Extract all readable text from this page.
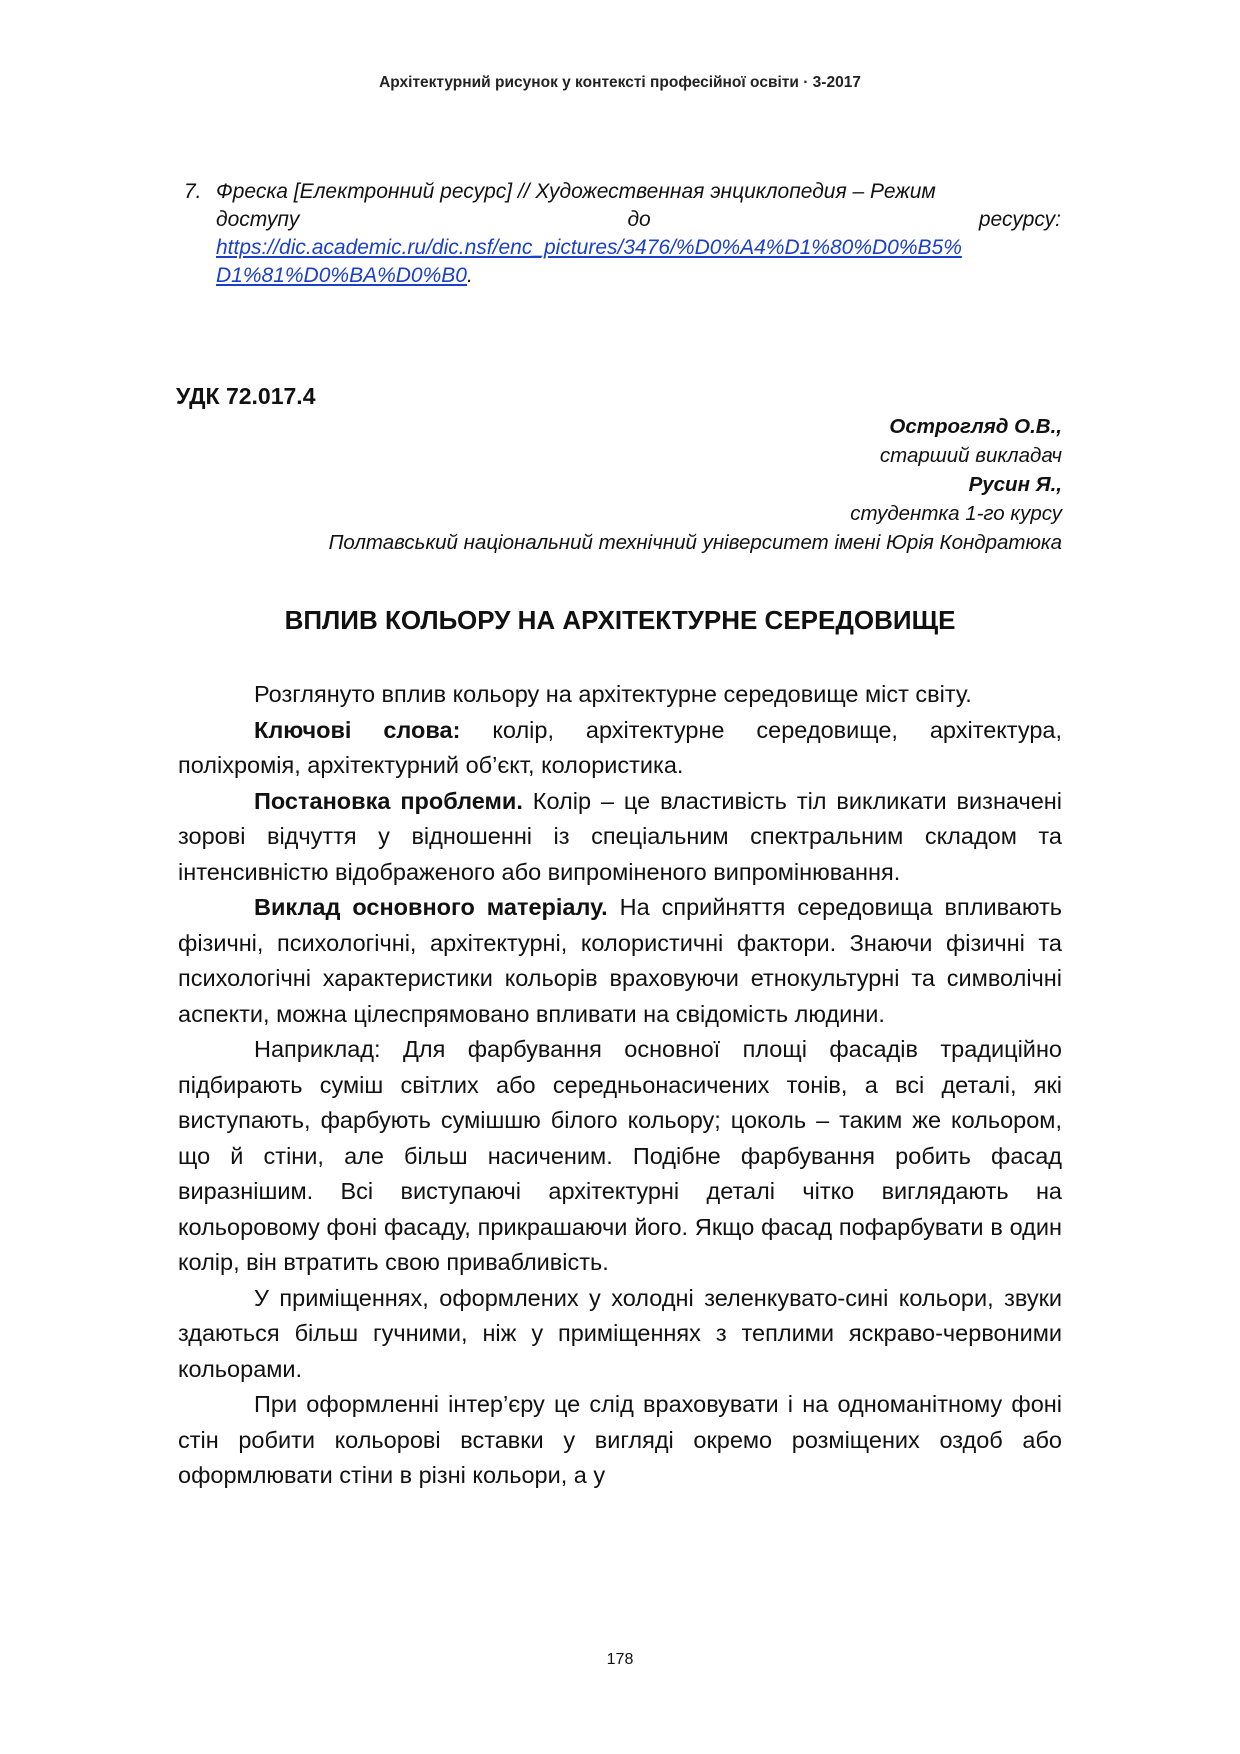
Архітектурний рисунок у контексті професійної освіти · 3-2017
7. Фреска [Електронний ресурс] // Художественная энциклопедия – Режим
доступу	до	ресурсу:
https://dic.academic.ru/dic.nsf/enc_pictures/3476/%D0%A4%D1%80%D0%B5%
D1%81%D0%BA%D0%B0.
УДК 72.017.4
Острогляд О.В.,
старший викладач
Русин Я.,
студентка 1-го курсу
Полтавський національний технічний університет імені Юрія Кондратюка
ВПЛИВ КОЛЬОРУ НА АРХІТЕКТУРНЕ СЕРЕДОВИЩЕ

Розглянуто вплив кольору на архітектурне середовище міст світу.

Ключові слова: колір, архітектурне середовище, архітектура, поліхромія, архітектурний об’єкт, колористика.

Постановка проблеми. Колір – це властивість тіл викликати визначені зорові відчуття у відношенні із спеціальним спектральним складом та інтенсивністю відображеного або випроміненого випромінювання.

Виклад основного матеріалу. На сприйняття середовища впливають фізичні, психологічні, архітектурні, колористичні фактори. Знаючи фізичні та психологічні характеристики кольорів враховуючи етнокультурні та символічні аспекти, можна цілеспрямовано впливати на свідомість людини.

Наприклад: Для фарбування основної площі фасадів традиційно підбирають суміш світлих або середньонасичених тонів, а всі деталі, які виступають, фарбують сумішшю білого кольору; цоколь – таким же кольором, що й стіни, але більш насиченим. Подібне фарбування робить фасад виразнішим. Всі виступаючі архітектурні деталі чітко виглядають на кольоровому фоні фасаду, прикрашаючи його. Якщо фасад пофарбувати в один колір, він втратить свою привабливість.

У приміщеннях, оформлених у холодні зеленкувато-сині кольори, звуки здаються більш гучними, ніж у приміщеннях з теплими яскраво-червоними кольорами.

При оформленні інтер’єру це слід враховувати і на одноманітному фоні стін робити кольорові вставки у вигляді окремо розміщених оздоб або оформлювати стіни в різні кольори, а у

178
